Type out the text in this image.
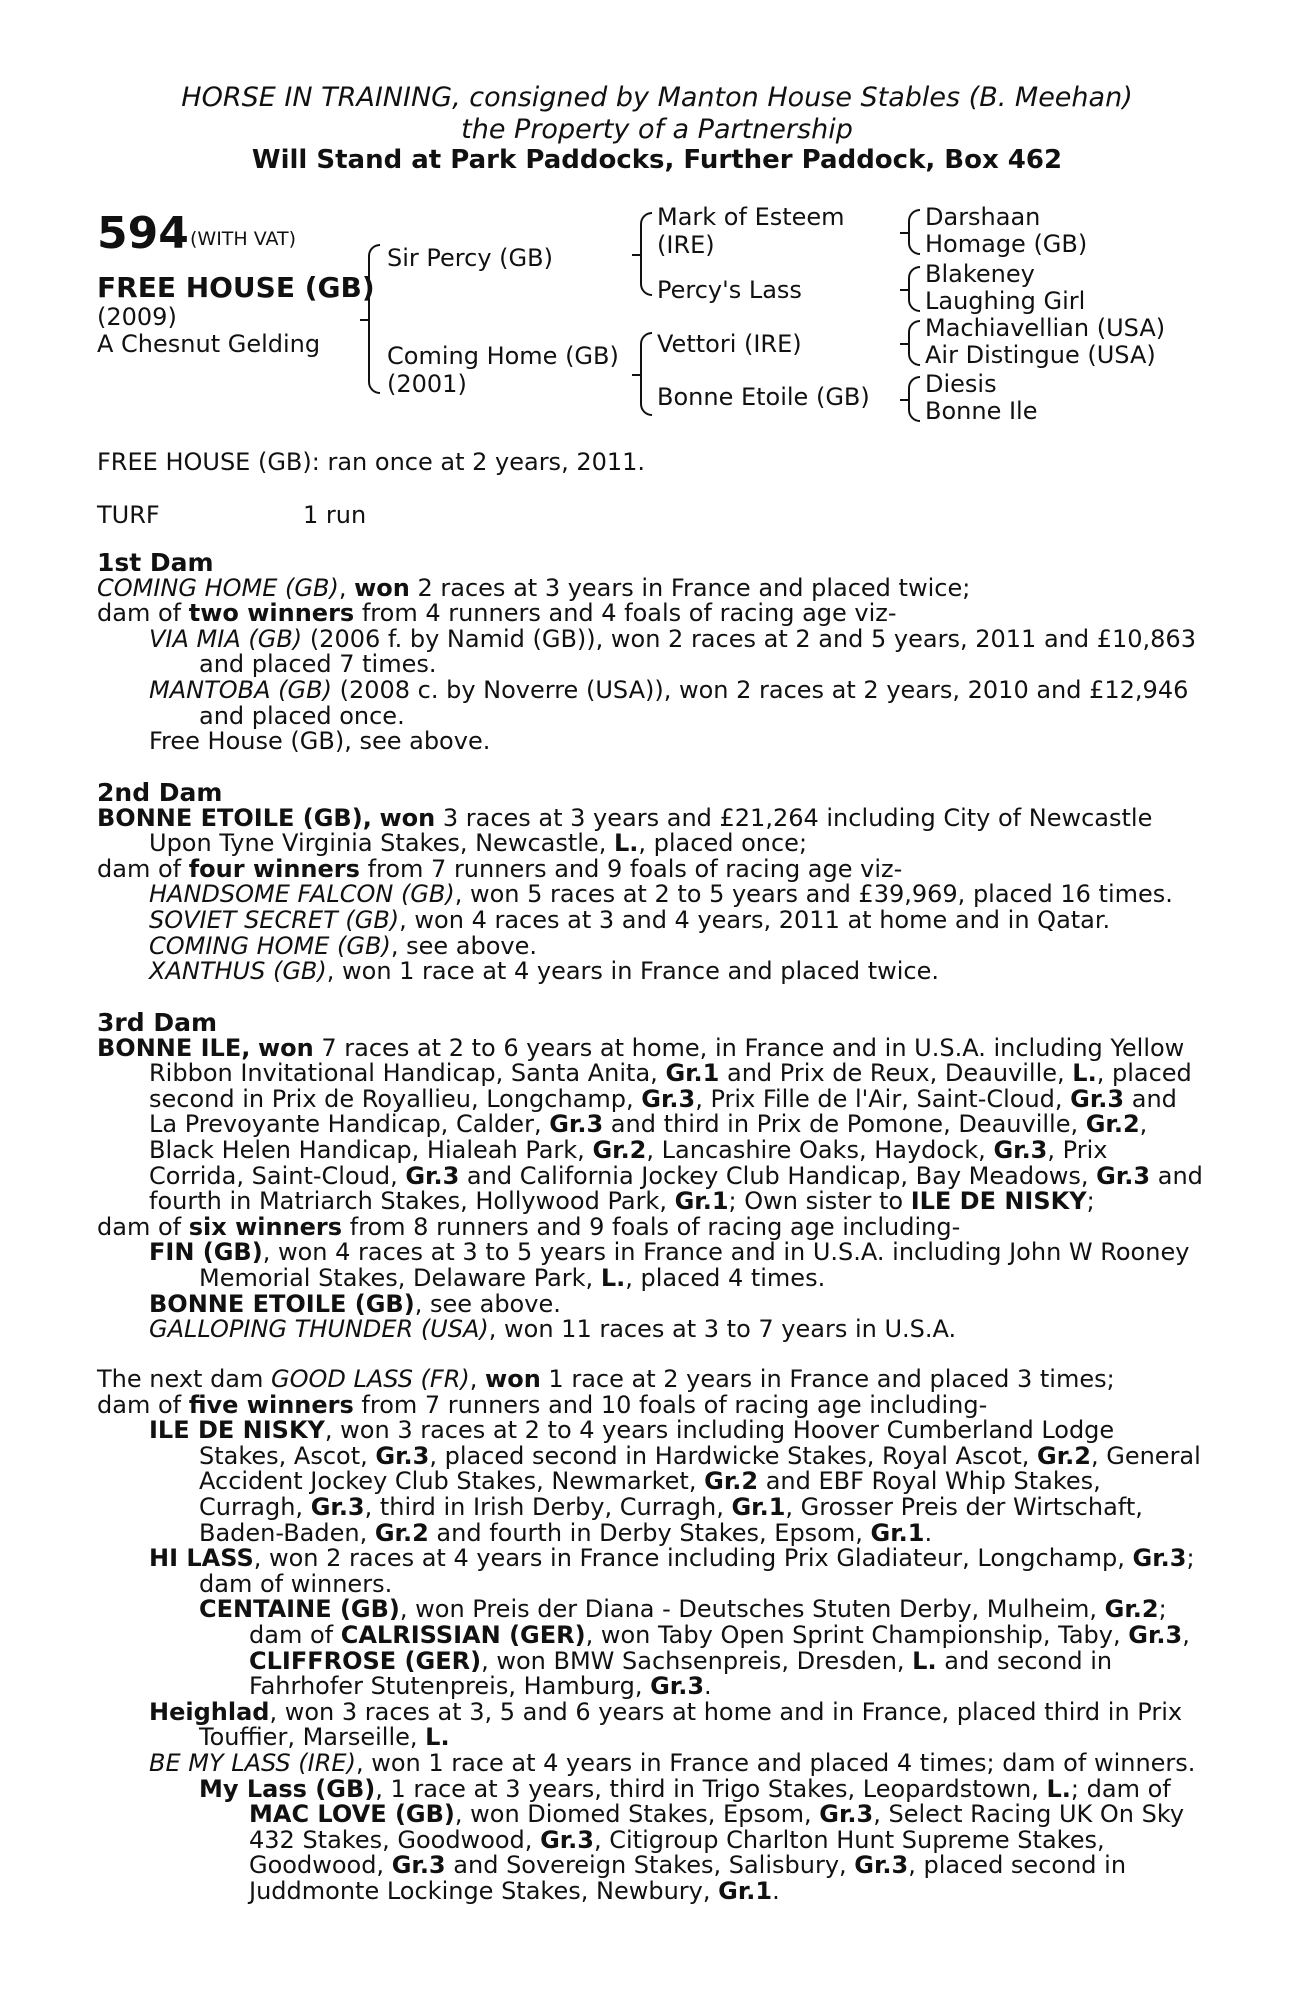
HORSE IN TRAINING, consigned by Manton House Stables (B. Meehan)
the Property of a Partnership
Will Stand at Park Paddocks, Further Paddock, Box 462
594 (WITH VAT)
FREE HOUSE (GB)
(2009)
A Chesnut Gelding
Sir Percy (GB)
Coming Home (GB)
(2001)
Mark of Esteem
(IRE)
Percy's Lass
Vettori (IRE)
Bonne Etoile (GB)
Darshaan
Homage (GB)
Blakeney
Laughing Girl
Machiavellian (USA)
Air Distingue (USA)
Diesis
Bonne Ile
FREE HOUSE (GB): ran once at 2 years, 2011.
TURF	1 run

1st Dam

COMING HOME (GB), won 2 races at 3 years in France and placed twice;

dam of two winners from 4 runners and 4 foals of racing age viz-

VIA MIA (GB) (2006 f. by Namid (GB)), won 2 races at 2 and 5 years, 2011 and £10,863 and placed 7 times.

MANTOBA (GB) (2008 c. by Noverre (USA)), won 2 races at 2 years, 2010 and £12,946 and placed once.

Free House (GB), see above.

2nd Dam

BONNE ETOILE (GB), won 3 races at 3 years and £21,264 including City of Newcastle Upon Tyne Virginia Stakes, Newcastle, L., placed once;

dam of four winners from 7 runners and 9 foals of racing age viz-

HANDSOME FALCON (GB), won 5 races at 2 to 5 years and £39,969, placed 16 times.

SOVIET SECRET (GB), won 4 races at 3 and 4 years, 2011 at home and in Qatar.

COMING HOME (GB), see above.

XANTHUS (GB), won 1 race at 4 years in France and placed twice.

3rd Dam

BONNE ILE, won 7 races at 2 to 6 years at home, in France and in U.S.A. including Yellow Ribbon Invitational Handicap, Santa Anita, Gr.1 and Prix de Reux, Deauville, L., placed second in Prix de Royallieu, Longchamp, Gr.3, Prix Fille de l'Air, Saint-Cloud, Gr.3 and La Prevoyante Handicap, Calder, Gr.3 and third in Prix de Pomone, Deauville, Gr.2, Black Helen Handicap, Hialeah Park, Gr.2, Lancashire Oaks, Haydock, Gr.3, Prix Corrida, Saint-Cloud, Gr.3 and California Jockey Club Handicap, Bay Meadows, Gr.3 and fourth in Matriarch Stakes, Hollywood Park, Gr.1; Own sister to ILE DE NISKY;

dam of six winners from 8 runners and 9 foals of racing age including-

FIN (GB), won 4 races at 3 to 5 years in France and in U.S.A. including John W Rooney Memorial Stakes, Delaware Park, L., placed 4 times.

BONNE ETOILE (GB), see above.

GALLOPING THUNDER (USA), won 11 races at 3 to 7 years in U.S.A.

The next dam GOOD LASS (FR), won 1 race at 2 years in France and placed 3 times;

dam of five winners from 7 runners and 10 foals of racing age including-

ILE DE NISKY, won 3 races at 2 to 4 years including Hoover Cumberland Lodge Stakes, Ascot, Gr.3, placed second in Hardwicke Stakes, Royal Ascot, Gr.2, General Accident Jockey Club Stakes, Newmarket, Gr.2 and EBF Royal Whip Stakes, Curragh, Gr.3, third in Irish Derby, Curragh, Gr.1, Grosser Preis der Wirtschaft, Baden-Baden, Gr.2 and fourth in Derby Stakes, Epsom, Gr.1.

HI LASS, won 2 races at 4 years in France including Prix Gladiateur, Longchamp, Gr.3; dam of winners.

CENTAINE (GB), won Preis der Diana - Deutsches Stuten Derby, Mulheim, Gr.2; dam of CALRISSIAN (GER), won Taby Open Sprint Championship, Taby, Gr.3, CLIFFROSE (GER), won BMW Sachsenpreis, Dresden, L. and second in Fahrhofer Stutenpreis, Hamburg, Gr.3.

Heighlad, won 3 races at 3, 5 and 6 years at home and in France, placed third in Prix Touffier, Marseille, L.

BE MY LASS (IRE), won 1 race at 4 years in France and placed 4 times; dam of winners.

My Lass (GB), 1 race at 3 years, third in Trigo Stakes, Leopardstown, L.; dam of MAC LOVE (GB), won Diomed Stakes, Epsom, Gr.3, Select Racing UK On Sky 432 Stakes, Goodwood, Gr.3, Citigroup Charlton Hunt Supreme Stakes, Goodwood, Gr.3 and Sovereign Stakes, Salisbury, Gr.3, placed second in Juddmonte Lockinge Stakes, Newbury, Gr.1.
